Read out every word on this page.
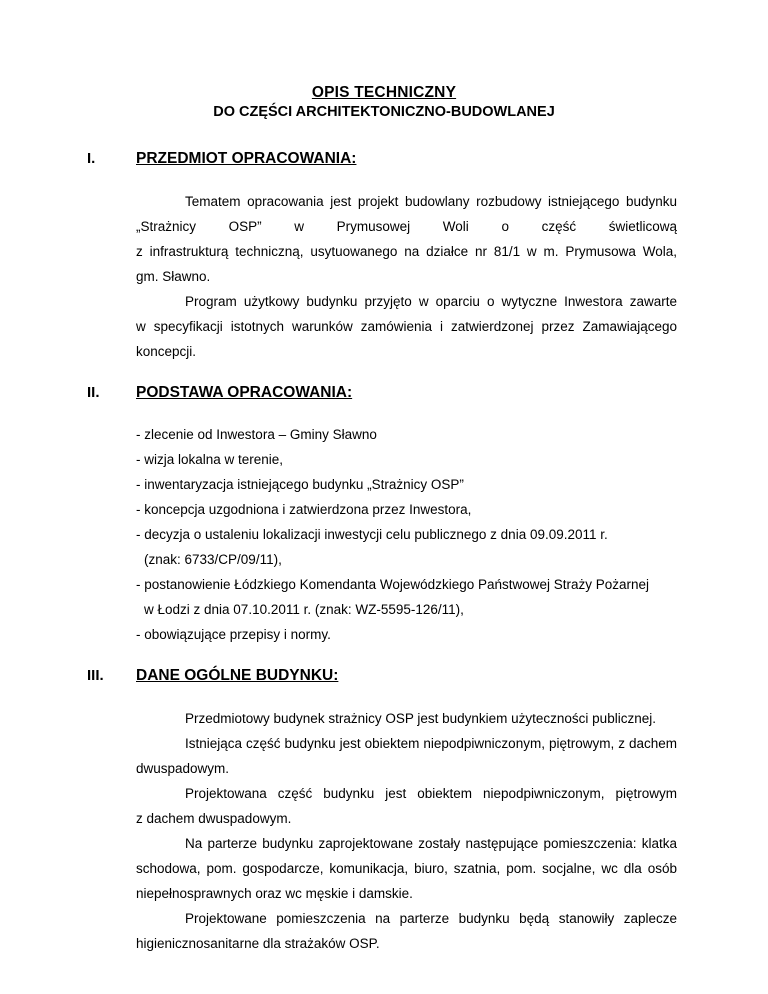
OPIS TECHNICZNY
DO CZĘŚCI ARCHITEKTONICZNO-BUDOWLANEJ
I.	PRZEDMIOT OPRACOWANIA:
Tematem opracowania jest projekt budowlany rozbudowy istniejącego budynku
„Strażnicy OSP” w Prymusowej Woli o część świetlicową
z infrastrukturą techniczną, usytuowanego na działce nr 81/1 w m. Prymusowa Wola,
gm. Sławno.
Program użytkowy budynku przyjęto w oparciu o wytyczne Inwestora zawarte
w specyfikacji istotnych warunków zamówienia i zatwierdzonej przez Zamawiającego
koncepcji.
II. PODSTAWA OPRACOWANIA:
- zlecenie od Inwestora – Gminy Sławno
- wizja lokalna w terenie,
- inwentaryzacja istniejącego budynku „Strażnicy OSP”
- koncepcja uzgodniona i zatwierdzona przez Inwestora,
- decyzja o ustaleniu lokalizacji inwestycji celu publicznego z dnia 09.09.2011 r.
(znak: 6733/CP/09/11),
- postanowienie Łódzkiego Komendanta Wojewódzkiego Państwowej Straży Pożarnej
w Łodzi z dnia 07.10.2011 r. (znak: WZ-5595-126/11),
- obowiązujące przepisy i normy.
III. DANE OGÓLNE BUDYNKU:
Przedmiotowy budynek strażnicy OSP jest budynkiem użyteczności publicznej.
Istniejąca część budynku jest obiektem niepodpiwniczonym, piętrowym, z dachem
dwuspadowym.
Projektowana część budynku jest obiektem niepodpiwniczonym, piętrowym
z dachem dwuspadowym.
Na parterze budynku zaprojektowane zostały następujące pomieszczenia: klatka
schodowa, pom. gospodarcze, komunikacja, biuro, szatnia, pom. socjalne, wc dla osób
niepełnosprawnych oraz wc męskie i damskie.
Projektowane pomieszczenia na parterze budynku będą stanowiły zaplecze
higienicznosanitarne dla strażaków OSP.
